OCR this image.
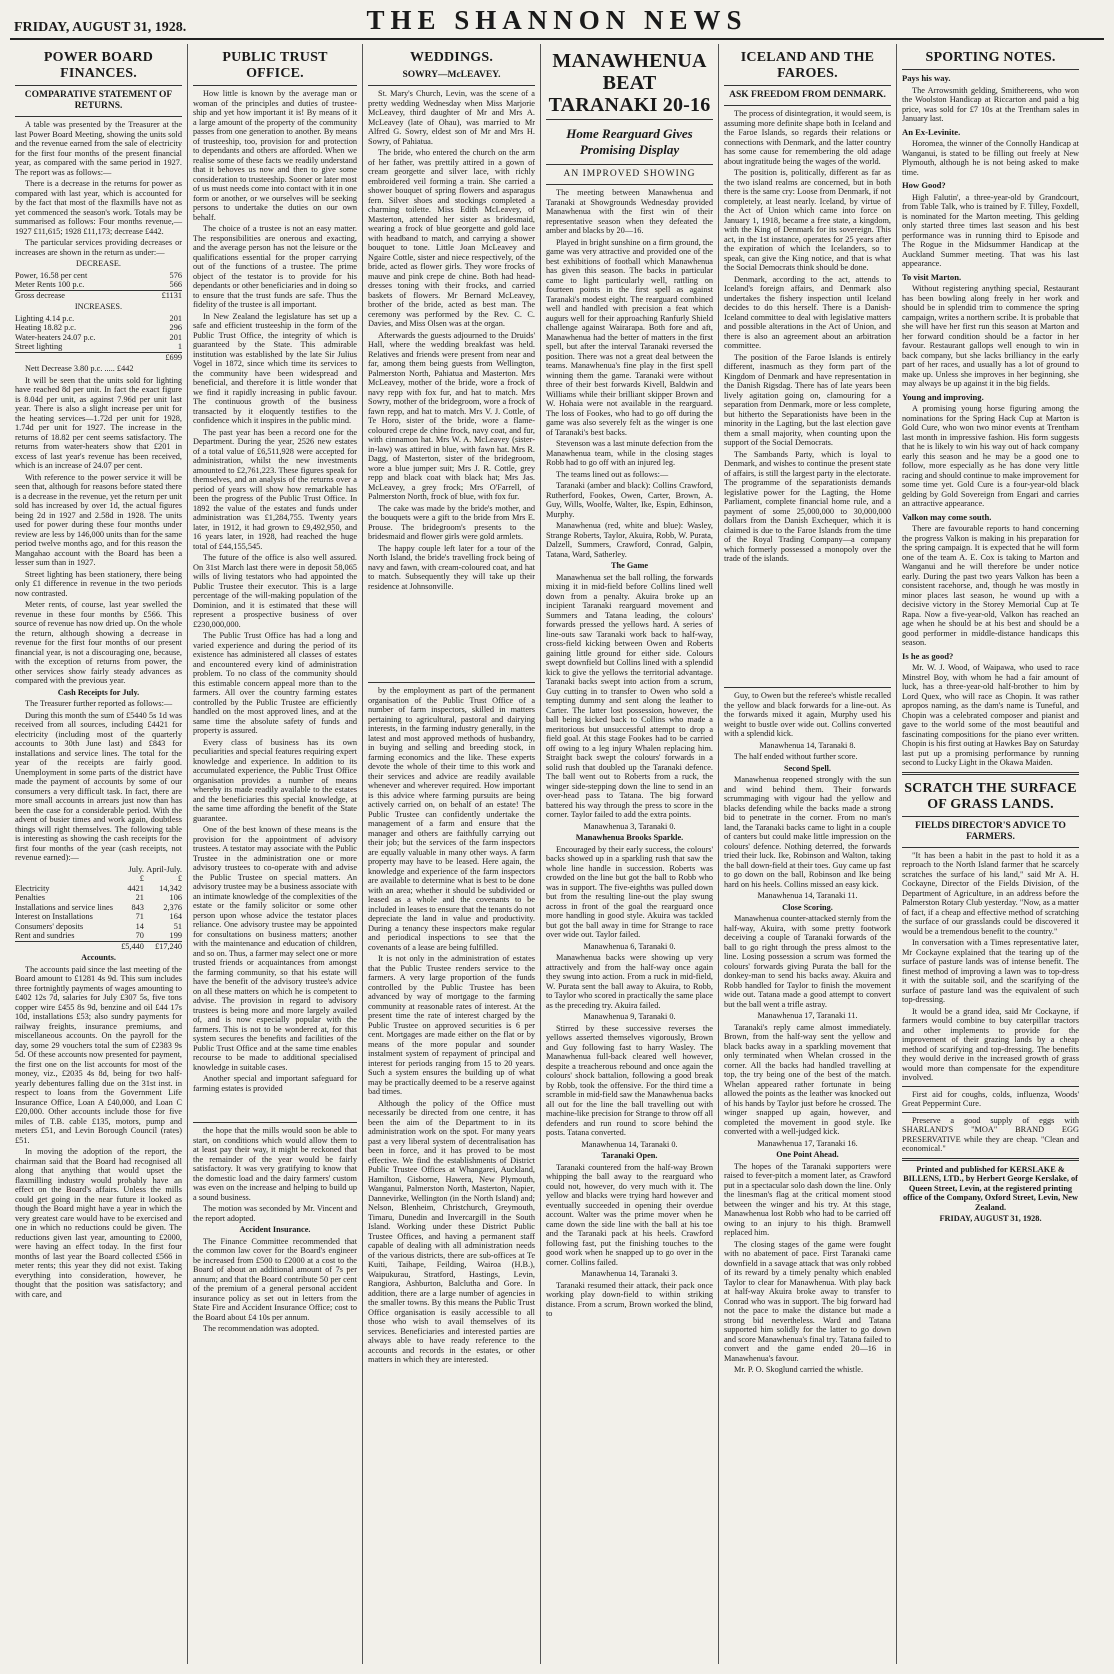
FRIDAY, AUGUST 31, 1928.	THE SHANNON NEWS
POWER BOARD FINANCES.
COMPARATIVE STATEMENT OF RETURNS.

A table was presented by the Treasurer at the last Power Board Meeting, showing the units sold and the revenue earned from the sale of electricity for the first four months of the present financial year, as compared with the same period in 1927. The report was as follows:—

There is a decrease in the returns for power as compared with last year, which is accounted for by the fact that most of the flaxmills have not as yet commenced the season's work. Totals may be summarised as follows: Four months revenue,—1927 £11,615; 1928 £11,173; decrease £442.

The particular services providing decreases or increases are shown in the return as under:—

DECREASE.

Power, 16.58 per cent	576
Meter Rents 100 p.c.	566
Gross decrease	£1131

INCREASES.

Lighting 4.14 p.c.	201
Heating 18.82 p.c.	296
Water-heaters 24.07 p.c.	201
Street lighting	1
	£699

Nett Decrease 3.80 p.c. ..... £442

It will be seen that the units sold for lighting have reached 8d per unit. In fact the exact figure is 8.04d per unit, as against 7.96d per unit last year. There is also a slight increase per unit for the heating services—1.72d per unit for 1928, 1.74d per unit for 1927. The increase in the returns of 18.82 per cent seems satisfactory. The returns from water-heaters show that £201 in excess of last year's revenue has been received, which is an increase of 24.07 per cent.

With reference to the power service it will be seen that, although for reasons before stated there is a decrease in the revenue, yet the return per unit sold has increased by over 1d, the actual figures being 2d in 1927 and 2.58d in 1928. The units used for power during these four months under review are less by 146,000 units than for the same period twelve months ago, and for this reason the Mangahao account with the Board has been a lesser sum than in 1927.

Street lighting has been stationery, there being only £1 difference in revenue in the two periods now contrasted.

Meter rents, of course, last year swelled the revenue in these four months by £566. This source of revenue has now dried up. On the whole the return, although showing a decrease in revenue for the first four months of our present financial year, is not a discouraging one, because, with the exception of returns from power, the other services show fairly steady advances as compared with the previous year.

Cash Receipts for July.

The Treasurer further reported as follows:—

During this month the sum of £5440 5s 1d was received from all sources, including £4421 for electricity (including most of the quarterly accounts to 30th June last) and £843 for installations and service lines. The total for the year of the receipts are fairly good. Unemployment in some parts of the district have made the payment of accounts by some of our consumers a very difficult task. In fact, there are more small accounts in arrears just now than has been the case for a considerable period. With the advent of busier times and work again, doubtless things will right themselves. The following table is interesting as showing the cash receipts for the first four months of the year (cash receipts, not revenue earned):—

	July.	April-July.
	£	£
Electricity	4421	14,342
Penalties	21	106
Installations and service lines	843	2,376
Interest on Installations	71	164
Consumers' deposits	14	51
Rent and sundries	70	199
	£5,440	£17,240

Accounts.

The accounts paid since the last meeting of the Board amount to £1281 4s 9d. This sum includes three fortnightly payments of wages amounting to £402 12s 7d, salaries for July £307 5s, five tons copper wire £455 8s 9d, benzine and oil £44 17s 10d, installations £53; also sundry payments for railway freights, insurance premiums, and miscellaneous accounts. On the payroll for the day, some 29 vouchers total the sum of £2383 9s 5d. Of these accounts now presented for payment, the first one on the list accounts for most of the money, viz., £2035 4s 8d, being for two half-yearly debentures falling due on the 31st inst. in respect to loans from the Government Life Insurance Office, Loan A £40,000, and Loan C £20,000. Other accounts include those for five miles of T.B. cable £135, motors, pump and meters £51, and Levin Borough Council (rates) £51.

In moving the adoption of the report, the chairman said that the Board had recognised all along that anything that would upset the flaxmilling industry would probably have an effect on the Board's affairs. Unless the mills could get going in the near future it looked as though the Board might have a year in which the very greatest care would have to be exercised and one in which no reductions could be given. The reductions given last year, amounting to £2000, were having an effect today. In the first four months of last year the Board collected £566 in meter rents; this year they did not exist. Taking everything into consideration, however, he thought that the position was satisfactory; and with care, and

PUBLIC TRUST OFFICE.

How little is known by the average man or woman of the principles and duties of trustee-ship and yet how important it is! By means of it a large amount of the property of the community passes from one generation to another. By means of trusteeship, too, provision for and protection to dependants and others are afforded. When we realise some of these facts we readily understand that it behoves us now and then to give some consideration to trusteeship. Sooner or later most of us must needs come into contact with it in one form or another, or we ourselves will be seeking persons to undertake the duties on our own behalf.

The choice of a trustee is not an easy matter. The responsibilities are onerous and exacting, and the average person has not the leisure or the qualifications essential for the proper carrying out of the functions of a trustee. The prime object of the testator is to provide for his dependants or other beneficiaries and in doing so to ensure that the trust funds are safe. Thus the fidelity of the trustee is all important.

In New Zealand the legislature has set up a safe and efficient trusteeship in the form of the Public Trust Office, the integrity of which is guaranteed by the State. This admirable institution was established by the late Sir Julius Vogel in 1872, since which time its services to the community have been widespread and beneficial, and therefore it is little wonder that we find it rapidly increasing in public favour. The continuous growth of the business transacted by it eloquently testifies to the confidence which it inspires in the public mind.

The past year has been a record one for the Department. During the year, 2526 new estates of a total value of £6,511,928 were accepted for administration, whilst the new investments amounted to £2,761,223. These figures speak for themselves, and an analysis of the returns over a period of years will show how remarkable has been the progress of the Public Trust Office. In 1892 the value of the estates and funds under administration was £1,284,755. Twenty years later, in 1912, it had grown to £9,492,950, and 16 years later, in 1928, had reached the huge total of £44,155,545.

The future of the office is also well assured. On 31st March last there were in deposit 58,065 wills of living testators who had appointed the Public Trustee their executor. This is a large percentage of the will-making population of the Dominion, and it is estimated that these will represent a prospective business of over £230,000,000.

The Public Trust Office has had a long and varied experience and during the period of its existence has administered all classes of estates and encountered every kind of administration problem. To no class of the community should this estimable concern appeal more than to the farmers. All over the country farming estates controlled by the Public Trustee are efficiently handled on the most approved lines, and at the same time the absolute safety of funds and property is assured.

Every class of business has its own peculiarities and special features requiring expert knowledge and experience. In addition to its accumulated experience, the Public Trust Office organisation provides a number of means whereby its made readily available to the estates and the beneficiaries this special knowledge, at the same time affording the benefit of the State guarantee.

One of the best known of these means is the provision for the appointment of advisory trustees. A testator may associate with the Public Trustee in the administration one or more advisory trustees to co-operate with and advise the Public Trustee on special matters. An advisory trustee may be a business associate with an intimate knowledge of the complexities of the estate or the family solicitor or some other person upon whose advice the testator places reliance. One advisory trustee may be appointed for consultations on business matters; another with the maintenance and education of children, and so on. Thus, a farmer may select one or more trusted friends or acquaintances from amongst the farming community, so that his estate will have the benefit of the advisory trustee's advice on all these matters on which he is competent to advise. The provision in regard to advisory trustees is being more and more largely availed of, and is now especially popular with the farmers. This is not to be wondered at, for this system secures the benefits and facilities of the Public Trust Office and at the same time enables recourse to be made to additional specialised knowledge in suitable cases.

Another special and important safeguard for farming estates is provided

the hope that the mills would soon be able to start, on conditions which would allow them to at least pay their way, it might be reckoned that the remainder of the year would be fairly satisfactory. It was very gratifying to know that the domestic load and the dairy farmers' custom was even on the increase and helping to build up a sound business.

The motion was seconded by Mr. Vincent and the report adopted.

Accident Insurance.

The Finance Committee recommended that the common law cover for the Board's engineer be increased from £500 to £2000 at a cost to the Board of about an additional amount of 7s per annum; and that the Board contribute 50 per cent of the premium of a general personal accident insurance policy as set out in letters from the State Fire and Accident Insurance Office; cost to the Board about £4 10s per annum.

The recommendation was adopted.

WEDDINGS.
SOWRY—McLEAVEY.

St. Mary's Church, Levin, was the scene of a pretty wedding Wednesday when Miss Marjorie McLeavey, third daughter of Mr and Mrs A. McLeavey (late of Ohau), was married to Mr Alfred G. Sowry, eldest son of Mr and Mrs H. Sowry, of Pahiatua.

The bride, who entered the church on the arm of her father, was prettily attired in a gown of cream georgette and silver lace, with richly embroidered veil forming a train. She carried a shower bouquet of spring flowers and asparagus fern. Silver shoes and stockings completed a charming toilette. Miss Edith McLeavey, of Masterton, attended her sister as bridesmaid, wearing a frock of blue georgette and gold lace with headband to match, and carrying a shower bouquet to tone. Little Joan McLeavey and Ngaire Cottle, sister and niece respectively, of the bride, acted as flower girls. They wore frocks of mauve and pink crepe de chine. Both had head-dresses toning with their frocks, and carried baskets of flowers. Mr Bernard McLeavey, brother of the bride, acted as best man. The ceremony was performed by the Rev. C. C. Davies, and Miss Olsen was at the organ.

Afterwards the guests adjourned to the Druids' Hall, where the wedding breakfast was held. Relatives and friends were present from near and far, among them being guests from Wellington, Palmerston North, Pahiatua and Masterton. Mrs McLeavey, mother of the bride, wore a frock of navy repp with fox fur, and hat to match. Mrs Sowry, mother of the bridegroom, wore a frock of fawn repp, and hat to match. Mrs V. J. Cottle, of Te Horo, sister of the bride, wore a flame-coloured crepe de chine frock, navy coat, and fur, with cinnamon hat. Mrs W. A. McLeavey (sister-in-law) was attired in blue, with fawn hat. Mrs R. Dagg, of Masterton, sister of the bridegroom, wore a blue jumper suit; Mrs J. R. Cottle, grey repp and black coat with black hat; Mrs Jas. McLeavey, a grey frock; Mrs O'Farrell, of Palmerston North, frock of blue, with fox fur.

The cake was made by the bride's mother, and the bouquets were a gift to the bride from Mrs E. Prouse. The bridegroom's presents to the bridesmaid and flower girls were gold armlets.

The happy couple left later for a tour of the North Island, the bride's travelling frock being of navy and fawn, with cream-coloured coat, and hat to match. Subsequently they will take up their residence at Johnsonville.

by the employment as part of the permanent organisation of the Public Trust Office of a number of farm inspectors, skilled in matters pertaining to agricultural, pastoral and dairying interests, in the farming industry generally, in the latest and most approved methods of husbandry, in buying and selling and breeding stock, in farming economics and the like. These experts devote the whole of their time to this work and their services and advice are readily available whenever and wherever required. How important is this advice where farming pursuits are being actively carried on, on behalf of an estate! The Public Trustee can confidently undertake the management of a farm and ensure that the manager and others are faithfully carrying out their job; but the services of the farm inspectors are equally valuable in many other ways. A farm property may have to be leased. Here again, the knowledge and experience of the farm inspectors are available to determine what is best to be done with an area; whether it should be subdivided or leased as a whole and the covenants to be included in leases to ensure that the tenants do not depreciate the land in value and productivity. During a tenancy these inspectors make regular and periodical inspections to see that the covenants of a lease are being fulfilled.

It is not only in the administration of estates that the Public Trustee renders service to the farmers. A very large proportion of the funds controlled by the Public Trustee has been advanced by way of mortgage to the farming community at reasonable rates of interest. At the present time the rate of interest charged by the Public Trustee on approved securities is 6 per cent. Mortgages are made either on the flat or by means of the more popular and sounder instalment system of repayment of principal and interest for periods ranging from 15 to 20 years. Such a system ensures the building up of what may be practically deemed to be a reserve against bad times.

Although the policy of the Office must necessarily be directed from one centre, it has been the aim of the Department to in its administration work on the spot. For many years past a very liberal system of decentralisation has been in force, and it has proved to be most effective. We find the establishments of District Public Trustee Offices at Whangarei, Auckland, Hamilton, Gisborne, Hawera, New Plymouth, Wanganui, Palmerston North, Masterton, Napier, Dannevirke, Wellington (in the North Island) and; Nelson, Blenheim, Christchurch, Greymouth, Timaru, Dunedin and Invercargill in the South Island. Working under these District Public Trustee Offices, and having a permanent staff capable of dealing with all administration needs of the various districts, there are sub-offices at Te Kuiti, Taihape, Feilding, Wairoa (H.B.), Waipukurau, Stratford, Hastings, Levin, Rangiora, Ashburton, Balclutha and Gore. In addition, there are a large number of agencies in the smaller towns. By this means the Public Trust Office organisation is easily accessible to all those who wish to avail themselves of its services. Beneficiaries and interested parties are always able to have ready reference to the accounts and records in the estates, or other matters in which they are interested.

MANAWHENUA BEAT TARANAKI 20-16
Home Rearguard Gives Promising Display
AN IMPROVED SHOWING

The meeting between Manawhenua and Taranaki at Showgrounds Wednesday provided Manawhenua with the first win of their representative season when they defeated the amber and blacks by 20—16.

Played in bright sunshine on a firm ground, the game was very attractive and provided one of the best exhibitions of football which Manawhenua has given this season. The backs in particular came to light particularly well, rattling on fourteen points in the first spell as against Taranaki's modest eight. The rearguard combined well and handled with precision a feat which augurs well for their approaching Ranfurly Shield challenge against Wairarapa. Both fore and aft, Manawhenua had the better of matters in the first spell, but after the interval Taranaki reversed the position. There was not a great deal between the teams. Manawhenua's fine play in the first spell winning them the game. Taranaki were without three of their best forwards Kivell, Baldwin and Williams while their brilliant skipper Brown and W. Hohaia were not available in the rearguard. The loss of Fookes, who had to go off during the game was also severely felt as the winger is one of Taranaki's best backs.

Stevenson was a last minute defection from the Manawhenua team, while in the closing stages Robb had to go off with an injured leg.

The teams lined out as follows:—

Taranaki (amber and black): Collins Crawford, Rutherford, Fookes, Owen, Carter, Brown, A. Guy, Wills, Woolfe, Walter, Ike, Espin, Edhinson, Murphy.

Manawhenua (red, white and blue): Wasley, Strange Roberts, Taylor, Akuira, Robb, W. Purata, Dalzell, Summers, Crawford, Conrad, Galpin, Tatana, Ward, Satherley.

The Game

Manawhenua set the ball rolling, the forwards mixing it in mid-field before Collins lined well down from a penalty. Akuira broke up an incipient Taranaki rearguard movement and Summers and Tatana leading, the colours' forwards pressed the yellows hard. A series of line-outs saw Taranaki work back to half-way, cross-field kicking between Owen and Roberts gaining little ground for either side. Colours swept downfield but Collins lined with a splendid kick to give the yellows the territorial advantage. Taranaki backs swept into action from a scrum, Guy cutting in to transfer to Owen who sold a tempting dummy and sent along the leather to Carter. The latter lost possession, however, the ball being kicked back to Collins who made a meritorious but unsuccessful attempt to drop a field goal. At this stage Fookes had to be carried off owing to a leg injury Whalen replacing him. Straight back swept the colours' forwards in a solid rush that doubled up the Taranaki defence. The ball went out to Roberts from a ruck, the winger side-stepping down the line to send in an over-head pass to Tatana. The big forward battered his way through the press to score in the corner. Taylor failed to add the extra points.

Manawhenua 3, Taranaki 0.

Manawhenua Brooks Sparkle.

Encouraged by their early success, the colours' backs showed up in a sparkling rush that saw the whole line handle in succession. Roberts was crowded on the line but got the ball to Robb who was in support. The five-eighths was pulled down but from the resulting line-out the play swung across in front of the goal the rearguard once more handling in good style. Akuira was tackled but got the ball away in time for Strange to race over wide out. Taylor failed.

Manawhenua 6, Taranaki 0.

Manawhenua backs were showing up very attractively and from the half-way once again they swung into action. From a ruck in mid-field, W. Purata sent the ball away to Akuira, to Robb, to Taylor who scored in practically the same place as the preceding try. Akuira failed.

Manawhenua 9, Taranaki 0.

Stirred by these successive reverses the yellows asserted themselves vigorously, Brown and Guy following fast to harry Wasley. The Manawhenua full-back cleared well however, despite a treacherous rebound and once again the colours' shock battalion, following a good break by Robb, took the offensive. For the third time a scramble in mid-field saw the Manawhenua backs all out for the line the ball travelling out with machine-like precision for Strange to throw off all defenders and run round to score behind the posts. Tatana converted.

Manawhenua 14, Taranaki 0.

Taranaki Open.

Taranaki countered from the half-way Brown whipping the ball away to the rearguard who could not, however, do very much with it. The yellow and blacks were trying hard however and eventually succeeded in opening their overdue account. Walter was the prime mover when he came down the side line with the ball at his toe and the Taranaki pack at his heels. Crawford following fast, put the finishing touches to the good work when he snapped up to go over in the corner. Collins failed.

Manawhenua 14, Taranaki 3.

Taranaki resumed their attack, their pack once working play down-field to within striking distance. From a scrum, Brown worked the blind, to

ICELAND AND THE FAROES.
ASK FREEDOM FROM DENMARK.

The process of disintegration, it would seem, is assuming more definite shape both in Iceland and the Faroe Islands, so regards their relations or connections with Denmark, and the latter country has some cause for remembering the old adage about ingratitude being the wages of the world.

The position is, politically, different as far as the two island realms are concerned, but in both there is the same cry: Loose from Denmark, if not completely, at least nearly. Iceland, by virtue of the Act of Union which came into force on January 1, 1918, became a free state, a kingdom, with the King of Denmark for its sovereign. This act, in the 1st instance, operates for 25 years after the expiration of which the Icelanders, so to speak, can give the King notice, and that is what the Social Democrats think should be done.

Denmark, according to the act, attends to Iceland's foreign affairs, and Denmark also undertakes the fishery inspection until Iceland decides to do this herself. There is a Danish-Iceland committee to deal with legislative matters and possible alterations in the Act of Union, and there is also an agreement about an arbitration committee.

The position of the Faroe Islands is entirely different, inasmuch as they form part of the Kingdom of Denmark and have representation in the Danish Rigsdag. There has of late years been lively agitation going on, clamouring for a separation from Denmark, more or less complete, but hitherto the Separationists have been in the minority in the Lagting, but the last election gave them a small majority, when counting upon the support of the Social Democrats.

The Sambands Party, which is loyal to Denmark, and wishes to continue the present state of affairs, is still the largest party in the electorate. The programme of the separationists demands legislative power for the Lagting, the Home Parliament, complete financial home rule, and a payment of some 25,000,000 to 30,000,000 dollars from the Danish Exchequer, which it is claimed is due to the Faroe Islands from the time of the Royal Trading Company—a company which formerly possessed a monopoly over the trade of the islands.

Guy, to Owen but the referee's whistle recalled the yellow and black forwards for a line-out. As the forwards mixed it again, Murphy used his weight to bustle over wide out. Collins converted with a splendid kick.

Manawhenua 14, Taranaki 8.

The half ended without further score.

Second Spell.

Manawhenua reopened strongly with the sun and wind behind them. Their forwards scrummaging with vigour had the yellow and blacks defending while the backs made a strong bid to penetrate in the corner. From no man's land, the Taranaki backs came to light in a couple of canters but could make little impression on the colours' defence. Nothing deterred, the forwards tried their luck. Ike, Robinson and Walton, taking the ball down-field at their toes. Guy came up fast to go down on the ball, Robinson and Ike being hard on his heels. Collins missed an easy kick.

Manawhenua 14, Taranaki 11.

Close Scoring.

Manawhenua counter-attacked sternly from the half-way, Akuira, with some pretty footwork deceiving a couple of Taranaki forwards of the ball to go right through the press almost to the line. Losing possession a scrum was formed the colours' forwards giving Purata the ball for the donkey-man to send his backs away. Akuira and Robb handled for Taylor to finish the movement wide out. Tatana made a good attempt to convert but the ball went a trifle astray.

Manawhenua 17, Taranaki 11.

Taranaki's reply came almost immediately. Brown, from the half-way sent the yellow and black backs away in a sparkling movement that only terminated when Whelan crossed in the corner. All the backs had handled travelling at top, the try being one of the best of the match. Whelan appeared rather fortunate in being allowed the points as the leather was knocked out of his hands by Taylor just before he crossed. The winger snapped up again, however, and completed the movement in good style. Ike converted with a well-judged kick.

Manawhenua 17, Taranaki 16.

One Point Ahead.

The hopes of the Taranaki supporters were raised to fever-pitch a moment later, as Crawford put in a spectacular solo dash down the line. Only the linesman's flag at the critical moment stood between the winger and his try. At this stage, Manawhenua lost Robb who had to be carried off owing to an injury to his thigh. Bramwell replaced him.

The closing stages of the game were fought with no abatement of pace. First Taranaki came downfield in a savage attack that was only robbed of its reward by a timely penalty which enabled Taylor to clear for Manawhenua. With play back at half-way Akuira broke away to transfer to Conrad who was in support. The big forward had not the pace to make the distance but made a strong bid nevertheless. Ward and Tatana supported him solidly for the latter to go down and score Manawhenua's final try. Tatana failed to convert and the game ended 20—16 in Manawhenua's favour.

Mr. P. O. Skoglund carried the whistle.

SPORTING NOTES.
Pays his way.

The Arrowsmith gelding, Smithereens, who won the Woolston Handicap at Riccarton and paid a big price, was sold for £7 10s at the Trentham sales in January last.

An Ex-Levinite.

Horomea, the winner of the Connolly Handicap at Wanganui, is stated to be filling out freely at New Plymouth, although he is not being asked to make time.

How Good?

High Falutin', a three-year-old by Grandcourt, from Table Talk, who is trained by F. Tilley, Foxdell, is nominated for the Marton meeting. This gelding only started three times last season and his best performance was in running third to Episode and The Rogue in the Midsummer Handicap at the Auckland Summer meeting. That was his last appearance.

To visit Marton.

Without registering anything special, Restaurant has been bowling along freely in her work and should be in splendid trim to commence the spring campaign, writes a northern scribe. It is probable that she will have her first run this season at Marton and her forward condition should be a factor in her favour. Restaurant gallops well enough to win in back company, but she lacks brilliancy in the early part of her races, and usually has a lot of ground to make up. Unless she improves in her beginning, she may always be up against it in the big fields.

Young and improving.

A promising young horse figuring among the nominations for the Spring Hack Cup at Marton is Gold Cure, who won two minor events at Trentham last month in impressive fashion. His form suggests that he is likely to win his way out of hack company early this season and he may be a good one to follow, more especially as he has done very little racing and should continue to make improvement for some time yet. Gold Cure is a four-year-old black gelding by Gold Sovereign from Engari and carries an attractive appearance.

Valkon may come south.

There are favourable reports to hand concerning the progress Valkon is making in his preparation for the spring campaign. It is expected that he will form one of the team A. E. Cox is taking to Marton and Wanganui and he will therefore be under notice early. During the past two years Valkon has been a consistent racehorse, and, though he was mostly in minor places last season, he wound up with a decisive victory in the Storey Memorial Cup at Te Rapa. Now a five-year-old, Valkon has reached an age when he should be at his best and should be a good performer in middle-distance handicaps this season.

Is he as good?

Mr. W. J. Wood, of Waipawa, who used to race Minstrel Boy, with whom he had a fair amount of luck, has a three-year-old half-brother to him by Lord Quex, who will race as Chopin. It was rather apropos naming, as the dam's name is Tuneful, and Chopin was a celebrated composer and pianist and gave to the world some of the most beautiful and fascinating compositions for the piano ever written. Chopin is his first outing at Hawkes Bay on Saturday last put up a promising performance by running second to Lucky Light in the Okawa Maiden.

SCRATCH THE SURFACE OF GRASS LANDS.
FIELDS DIRECTOR'S ADVICE TO FARMERS.

"It has been a habit in the past to hold it as a reproach to the North Island farmer that he scarcely scratches the surface of his land," said Mr A. H. Cockayne, Director of the Fields Division, of the Department of Agriculture, in an address before the Palmerston Rotary Club yesterday. "Now, as a matter of fact, if a cheap and effective method of scratching the surface of our grasslands could be discovered it would be a tremendous benefit to the country."

In conversation with a Times representative later, Mr Cockayne explained that the tearing up of the surface of pasture lands was of intense benefit. The finest method of improving a lawn was to top-dress it with the suitable soil, and the scarifying of the surface of pasture land was the equivalent of such top-dressing.

It would be a grand idea, said Mr Cockayne, if farmers would combine to buy caterpillar tractors and other implements to provide for the improvement of their grazing lands by a cheap method of scarifying and top-dressing. The benefits they would derive in the increased growth of grass would more than compensate for the expenditure involved.

First aid for coughs, colds, influenza, Woods' Great Peppermint Cure.

Preserve a good supply of eggs with SHARLAND'S "MOA" BRAND EGG PRESERVATIVE while they are cheap. "Clean and economical."

Printed and published for KERSLAKE & BILLENS, LTD., by Herbert George Kerslake, of Queen Street, Levin, at the registered printing office of the Company, Oxford Street, Levin, New Zealand.

FRIDAY, AUGUST 31, 1928.
